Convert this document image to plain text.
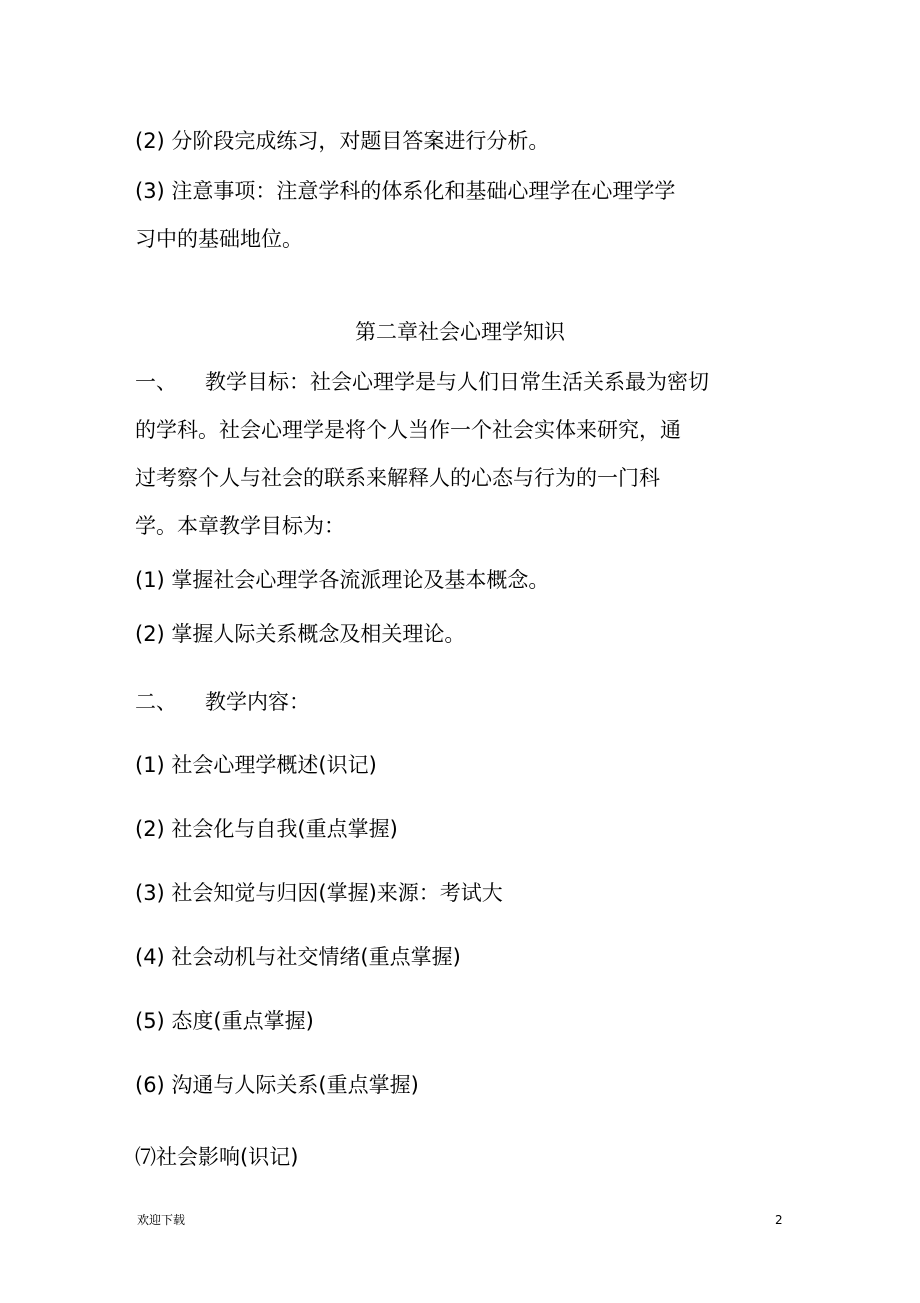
(2) 分阶段完成练习，对题目答案进行分析。
(3) 注意事项：注意学科的体系化和基础心理学在心理学学
习中的基础地位。
第二章社会心理学知识
一、 教学目标：社会心理学是与人们日常生活关系最为密切
的学科。社会心理学是将个人当作一个社会实体来研究，通
过考察个人与社会的联系来解释人的心态与行为的一门科
学。本章教学目标为：
(1) 掌握社会心理学各流派理论及基本概念。
(2) 掌握人际关系概念及相关理论。
二、 教学内容：
(1) 社会心理学概述(识记)
(2) 社会化与自我(重点掌握)
(3) 社会知觉与归因(掌握)来源：考试大
(4) 社会动机与社交情绪(重点掌握)
(5) 态度(重点掌握)
(6) 沟通与人际关系(重点掌握)
⑺社会影响(识记)
欢迎下载	2
